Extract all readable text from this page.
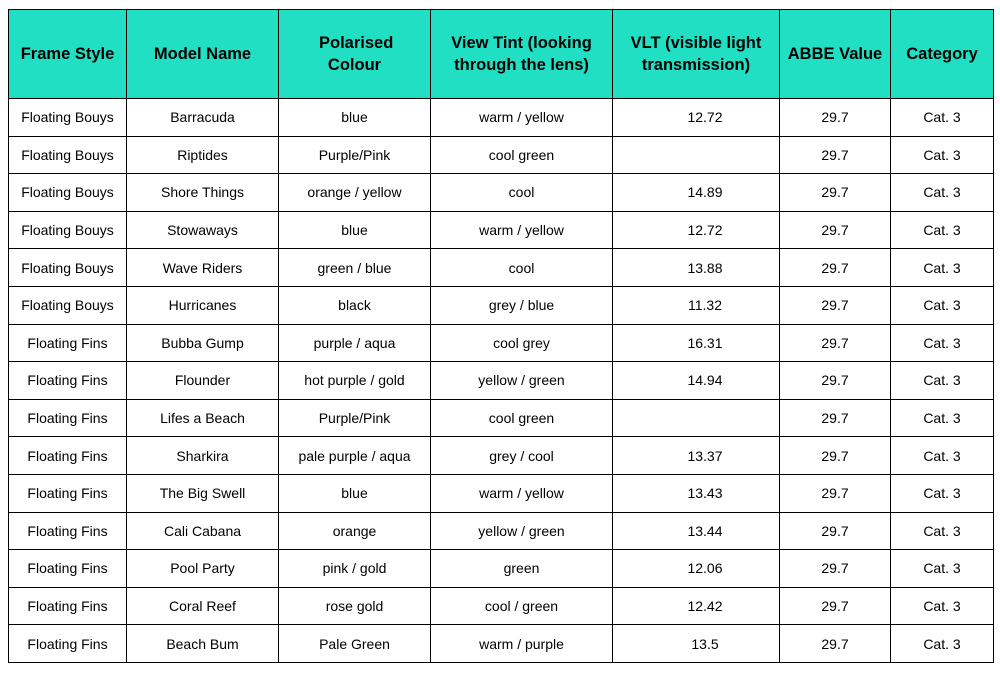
Frame Style	Model Name	Polarised Colour	View Tint (looking through the lens)	VLT (visible light transmission)	ABBE Value	Category
Floating Bouys	Barracuda	blue	warm / yellow	12.72	29.7	Cat. 3
Floating Bouys	Riptides	Purple/Pink	cool green		29.7	Cat. 3
Floating Bouys	Shore Things	orange / yellow	cool	14.89	29.7	Cat. 3
Floating Bouys	Stowaways	blue	warm / yellow	12.72	29.7	Cat. 3
Floating Bouys	Wave Riders	green / blue	cool	13.88	29.7	Cat. 3
Floating Bouys	Hurricanes	black	grey / blue	11.32	29.7	Cat. 3
Floating Fins	Bubba Gump	purple / aqua	cool grey	16.31	29.7	Cat. 3
Floating Fins	Flounder	hot purple / gold	yellow / green	14.94	29.7	Cat. 3
Floating Fins	Lifes a Beach	Purple/Pink	cool green		29.7	Cat. 3
Floating Fins	Sharkira	pale purple / aqua	grey / cool	13.37	29.7	Cat. 3
Floating Fins	The Big Swell	blue	warm / yellow	13.43	29.7	Cat. 3
Floating Fins	Cali Cabana	orange	yellow / green	13.44	29.7	Cat. 3
Floating Fins	Pool Party	pink / gold	green	12.06	29.7	Cat. 3
Floating Fins	Coral Reef	rose gold	cool / green	12.42	29.7	Cat. 3
Floating Fins	Beach Bum	Pale Green	warm / purple	13.5	29.7	Cat. 3
